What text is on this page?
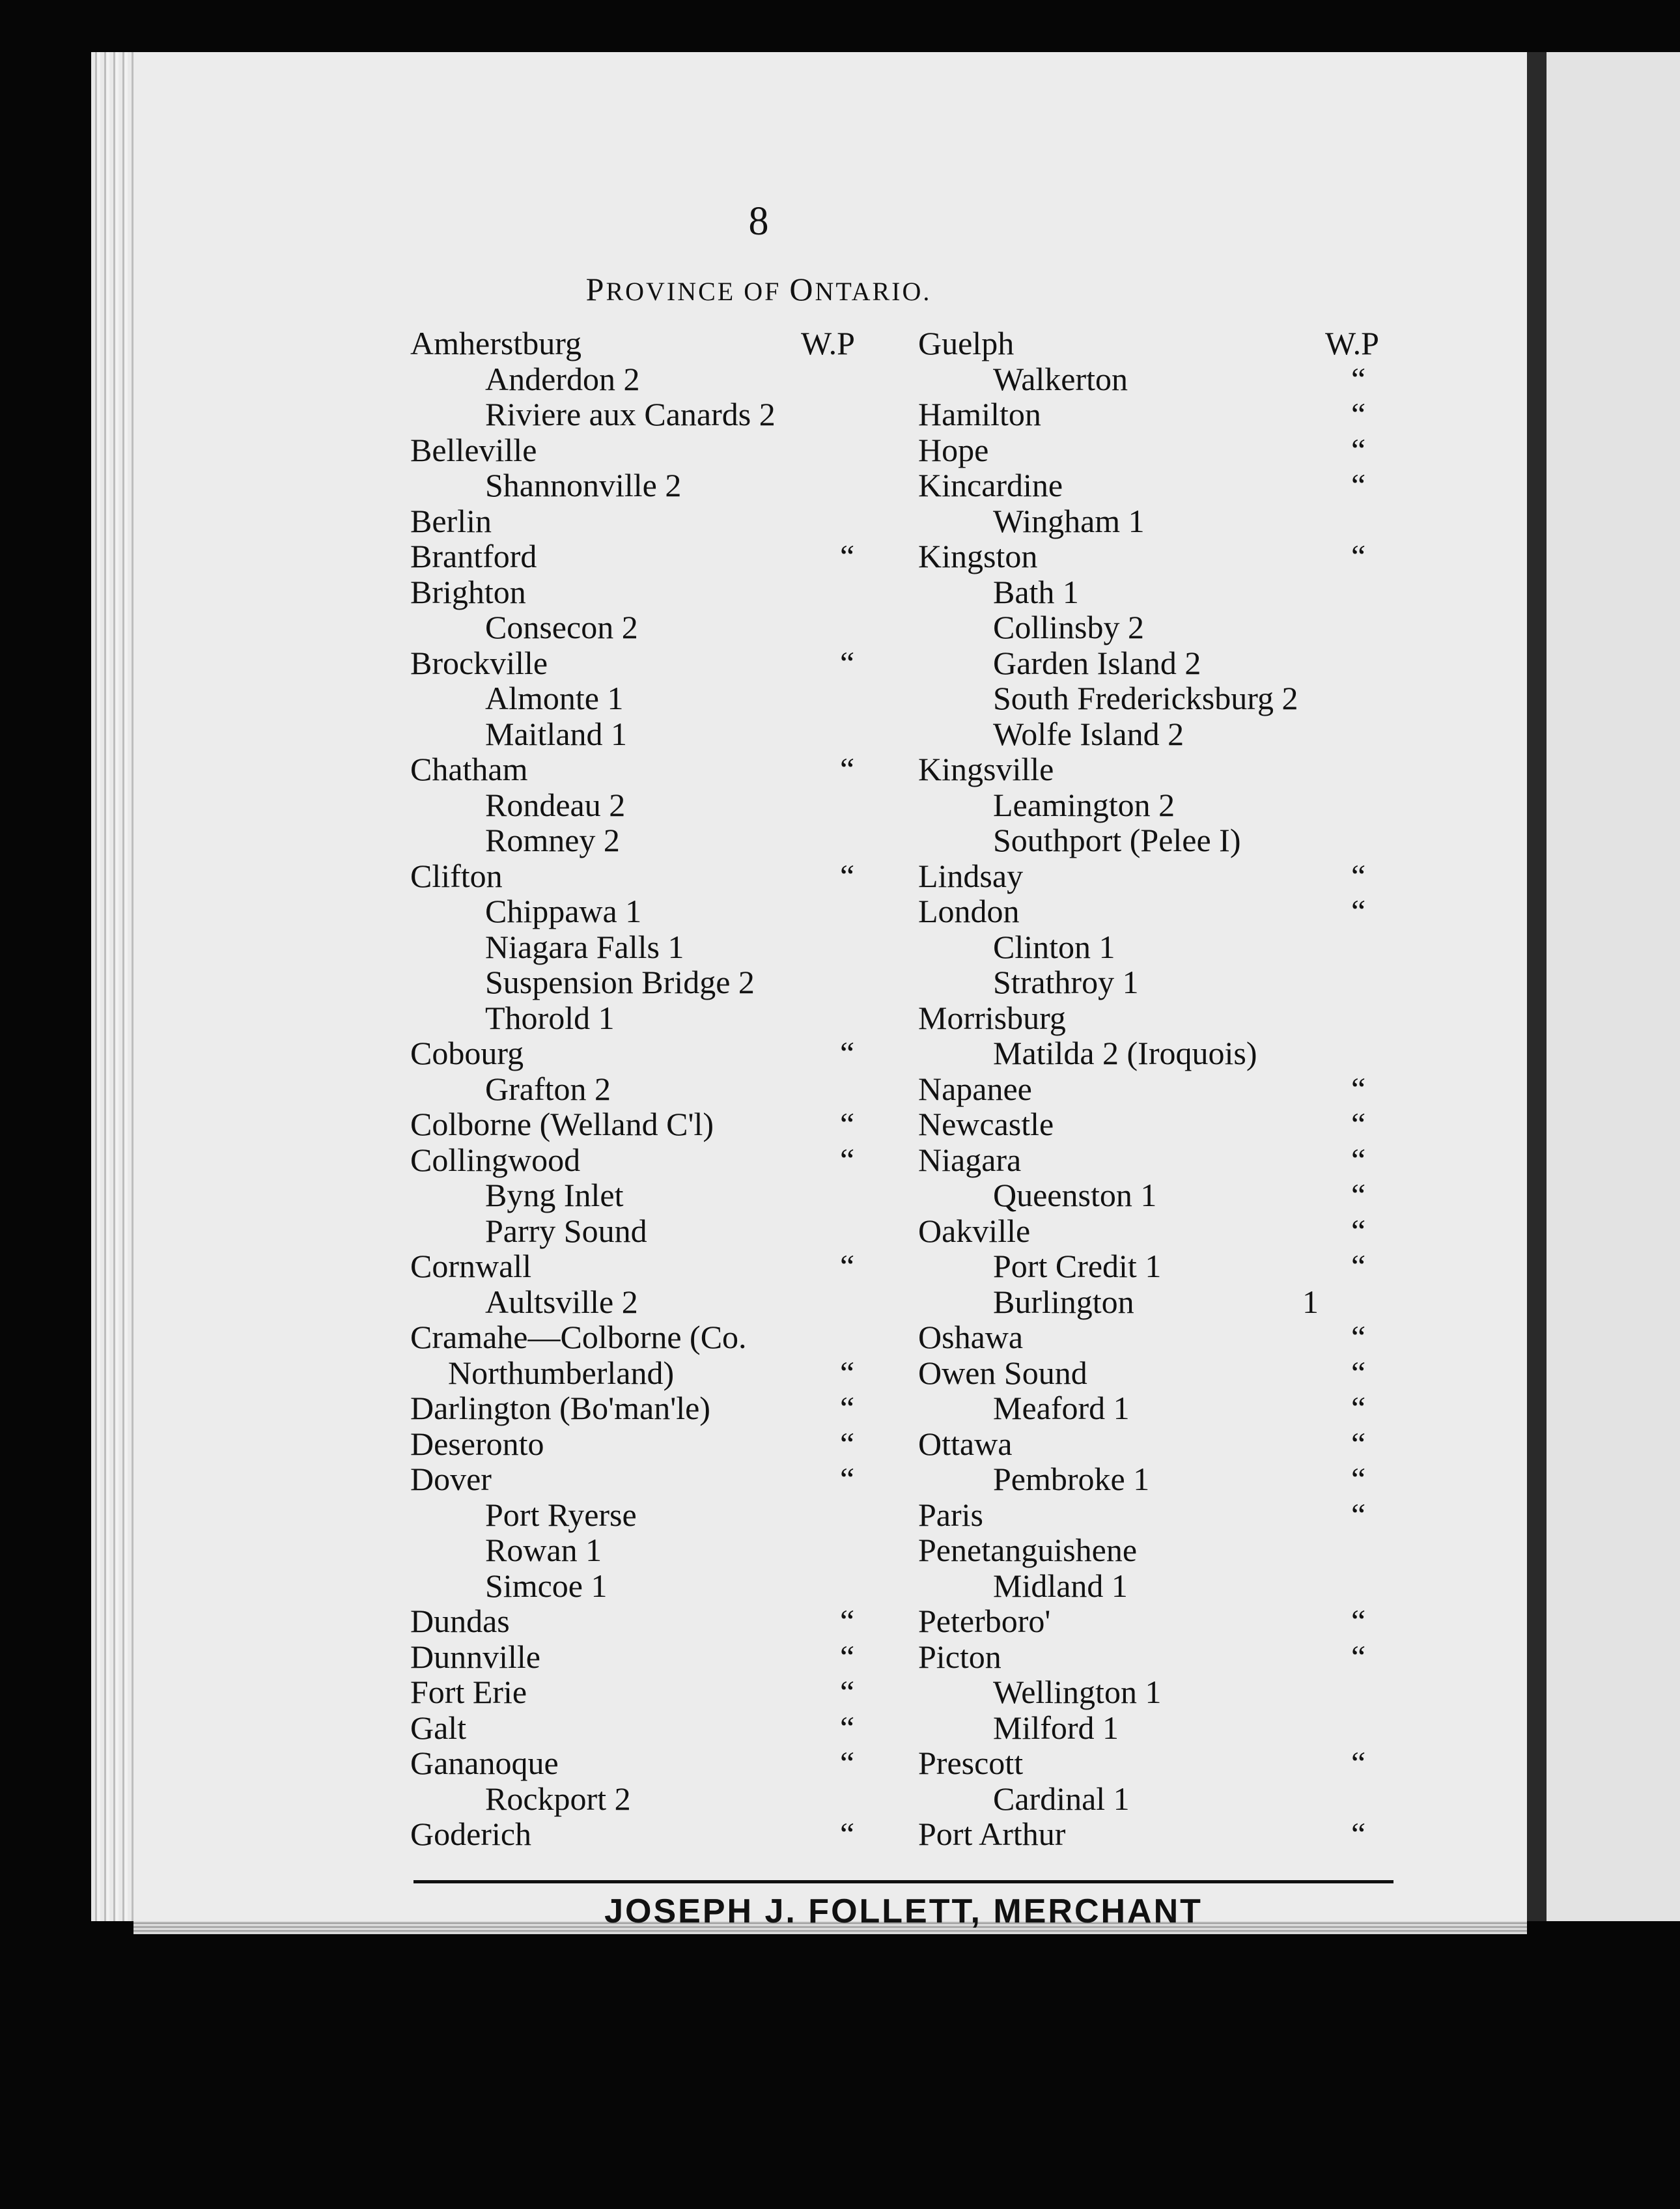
8
PROVINCE OF ONTARIO.
Amherstburg	W.P
Anderdon 2
Riviere aux Canards 2
Belleville
Shannonville 2
Berlin
Brantford	“
Brighton
Consecon 2
Brockville	“
Almonte 1
Maitland 1
Chatham	“
Rondeau 2
Romney 2
Clifton	“
Chippawa 1
Niagara Falls 1
Suspension Bridge 2
Thorold 1
Cobourg	“
Grafton 2
Colborne (Welland C'l)	“
Collingwood	“
Byng Inlet
Parry Sound
Cornwall	“
Aultsville 2
Cramahe—Colborne (Co.
Northumberland)	“
Darlington (Bo'man'le)	“
Deseronto	“
Dover	“
Port Ryerse
Rowan 1
Simcoe 1
Dundas	“
Dunnville	“
Fort Erie	“
Galt	“
Gananoque	“
Rockport 2
Goderich	“
Guelph	W.P
Walkerton	“
Hamilton	“
Hope	“
Kincardine	“
Wingham 1
Kingston	“
Bath 1
Collinsby 2
Garden Island 2
South Fredericksburg 2
Wolfe Island 2
Kingsville
Leamington 2
Southport (Pelee I)
Lindsay	“
London	“
Clinton 1
Strathroy 1
Morrisburg
Matilda 2 (Iroquois)
Napanee	“
Newcastle	“
Niagara	“
Queenston 1	“
Oakville	“
Port Credit 1	“
Burlington	1
Oshawa	“
Owen Sound	“
Meaford 1	“
Ottawa	“
Pembroke 1	“
Paris	“
Penetanguishene
Midland 1
Peterboro'	“
Picton	“
Wellington 1
Milford 1
Prescott	“
Cardinal 1
Port Arthur	“
JOSEPH J. FOLLETT, MERCHANT
